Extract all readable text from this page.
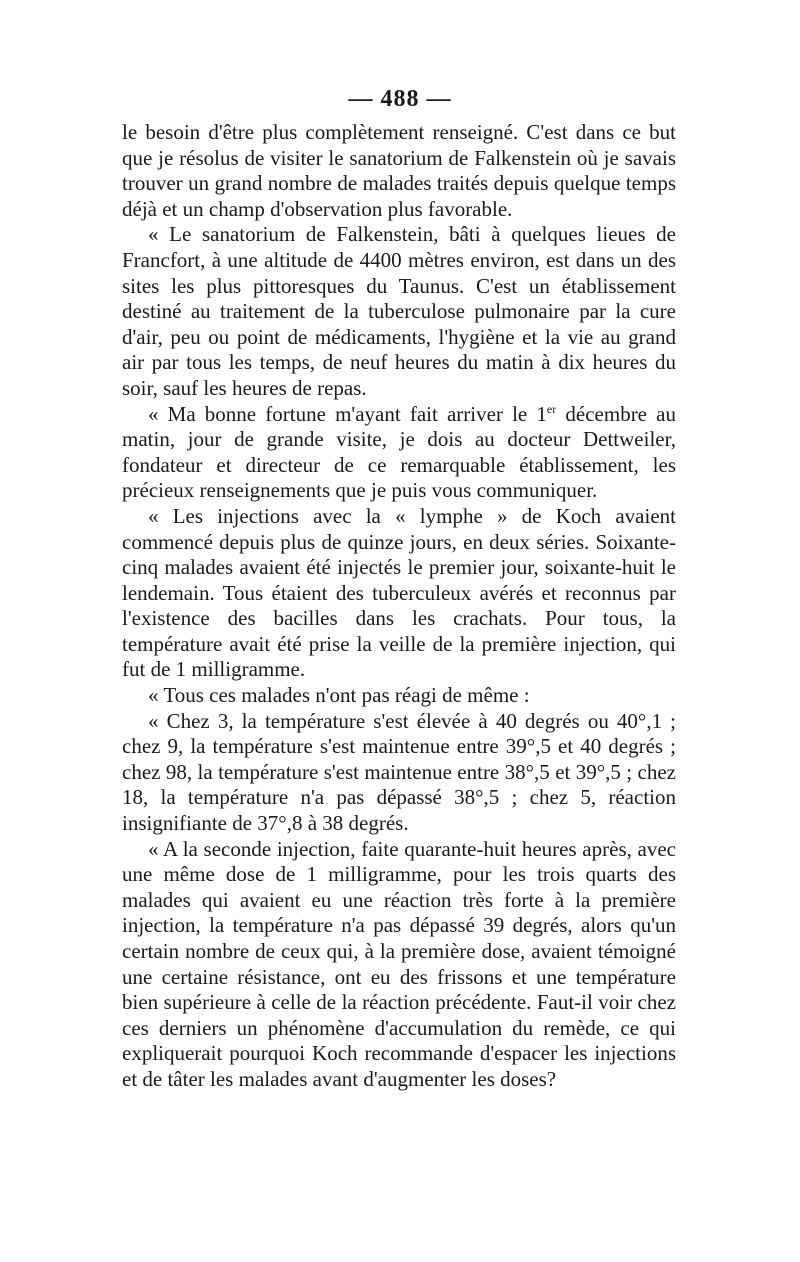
— 488 —

le besoin d'être plus complètement renseigné. C'est dans ce but que je résolus de visiter le sanatorium de Falkenstein où je savais trouver un grand nombre de malades traités depuis quelque temps déjà et un champ d'observation plus favorable.

« Le sanatorium de Falkenstein, bâti à quelques lieues de Francfort, à une altitude de 4400 mètres environ, est dans un des sites les plus pittoresques du Taunus. C'est un établissement destiné au traitement de la tuberculose pulmonaire par la cure d'air, peu ou point de médicaments, l'hygiène et la vie au grand air par tous les temps, de neuf heures du matin à dix heures du soir, sauf les heures de repas.

« Ma bonne fortune m'ayant fait arriver le 1er décembre au matin, jour de grande visite, je dois au docteur Dettweiler, fondateur et directeur de ce remarquable établissement, les précieux renseignements que je puis vous communiquer.

« Les injections avec la « lymphe » de Koch avaient commencé depuis plus de quinze jours, en deux séries. Soixante-cinq malades avaient été injectés le premier jour, soixante-huit le lendemain. Tous étaient des tuberculeux avérés et reconnus par l'existence des bacilles dans les crachats. Pour tous, la température avait été prise la veille de la première injection, qui fut de 1 milligramme.

« Tous ces malades n'ont pas réagi de même :

« Chez 3, la température s'est élevée à 40 degrés ou 40°,1 ; chez 9, la température s'est maintenue entre 39°,5 et 40 degrés ; chez 98, la température s'est maintenue entre 38°,5 et 39°,5 ; chez 18, la température n'a pas dépassé 38°,5 ; chez 5, réaction insignifiante de 37°,8 à 38 degrés.

« A la seconde injection, faite quarante-huit heures après, avec une même dose de 1 milligramme, pour les trois quarts des malades qui avaient eu une réaction très forte à la première injection, la température n'a pas dépassé 39 degrés, alors qu'un certain nombre de ceux qui, à la première dose, avaient témoigné une certaine résistance, ont eu des frissons et une température bien supérieure à celle de la réaction précédente. Faut-il voir chez ces derniers un phénomène d'accumulation du remède, ce qui expliquerait pourquoi Koch recommande d'espacer les injections et de tâter les malades avant d'augmenter les doses?
